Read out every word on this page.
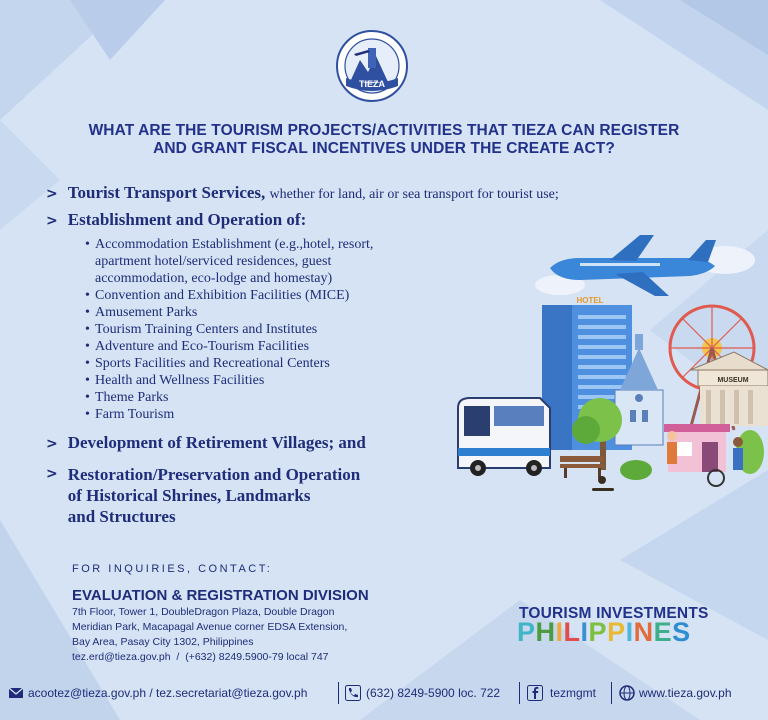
TIEZA
WHAT ARE THE TOURISM PROJECTS/ACTIVITIES THAT TIEZA CAN REGISTER
AND GRANT FISCAL INCENTIVES UNDER THE CREATE ACT?
> Tourist Transport Services, whether for land, air or sea transport for tourist use;
> Establishment and Operation of:
• Accommodation Establishment (e.g.,hotel, resort,
apartment hotel/serviced residences, guest
accommodation, eco-lodge and homestay)
• Convention and Exhibition Facilities (MICE)
• Amusement Parks
• Tourism Training Centers and Institutes
• Adventure and Eco-Tourism Facilities
• Sports Facilities and Recreational Centers
• Health and Wellness Facilities
• Theme Parks
• Farm Tourism
> Development of Retirement Villages; and
> Restoration/Preservation and Operation
of Historical Shrines, Landmarks
and Structures
HOTEL
MUSEUM
FOR INQUIRIES, CONTACT:
EVALUATION & REGISTRATION DIVISION
7th Floor, Tower 1, DoubleDragon Plaza, Double Dragon
Meridian Park, Macapagal Avenue corner EDSA Extension,
Bay Area, Pasay City 1302, Philippines
tez.erd@tieza.gov.ph  /  (+632) 8249.5900-79 local 747
TOURISM INVESTMENTS
PHILIPPINES
acootez@tieza.gov.ph / tez.secretariat@tieza.gov.ph	(632) 8249-5900 loc. 722	tezmgmt	www.tieza.gov.ph
